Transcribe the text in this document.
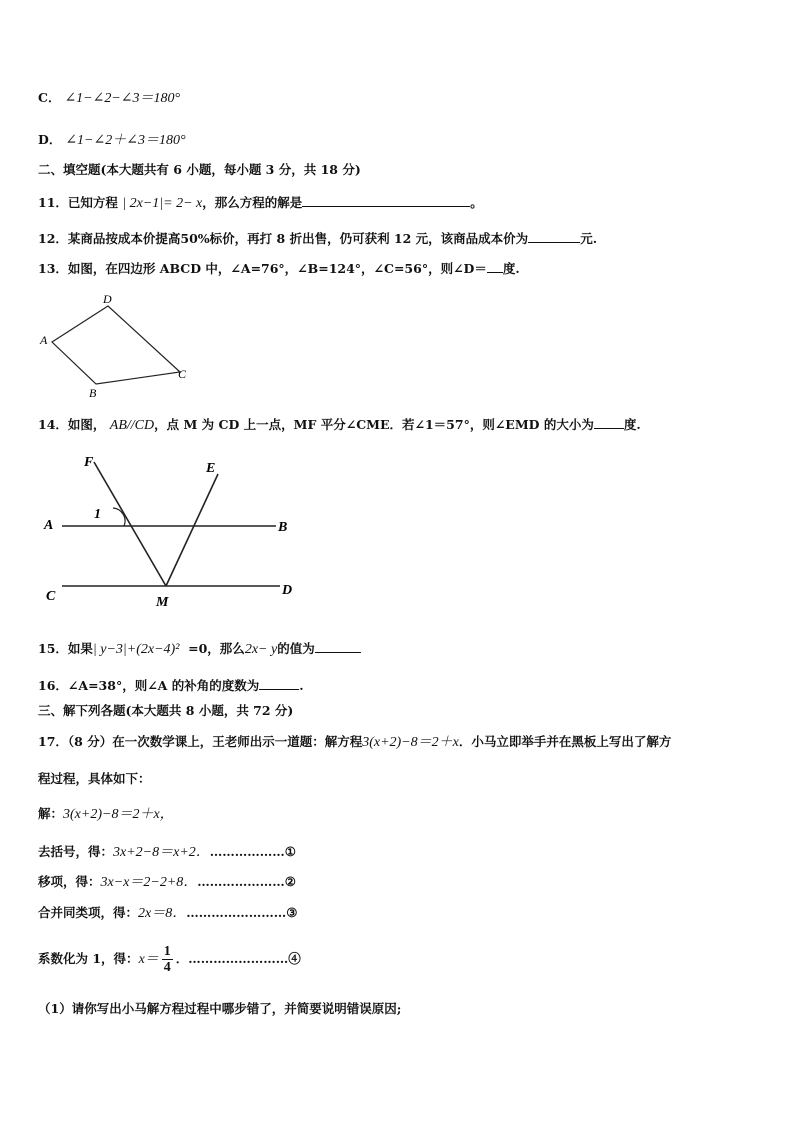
C． ∠1−∠2−∠3＝180°
D． ∠1−∠2＋∠3＝180°
二、填空题(本大题共有 6 小题，每小题 3 分，共 18 分)
11．已知方程 | 2x−1|= 2− x，那么方程的解是	。
12．某商品按成本价提高50%标价，再打 8 折出售，仍可获利 12 元，该商品成本价为	元.
13．如图，在四边形 ABCD 中，∠A=76°，∠B=124°，∠C=56°，则∠D＝ 度.
D
A
C
B
14．如图， AB//CD，点 M 为 CD 上一点，MF 平分∠CME．若∠1＝57°，则∠EMD 的大小为 度.
F	E
1
A	B
C	D
M
15．如果| y−3|+(2x−4)² =0，那么2x− y的值为
16．∠A=38°，则∠A 的补角的度数为	.
三、解下列各题(本大题共 8 小题，共 72 分)
17．（8 分）在一次数学课上，王老师出示一道题：解方程3(x+2)−8＝2＋x．小马立即举手并在黑板上写出了解方
程过程，具体如下：
解：3(x+2)−8＝2＋x，
去括号，得：3x+2−8＝x+2．………………①
移项，得：3x−x＝2−2+8．…………………②
合并同类项，得：2x＝8．……………………③
系数化为 1，得：$x= \frac{1}{4}$ ．……………………④
（1）请你写出小马解方程过程中哪步错了，并简要说明错误原因;
